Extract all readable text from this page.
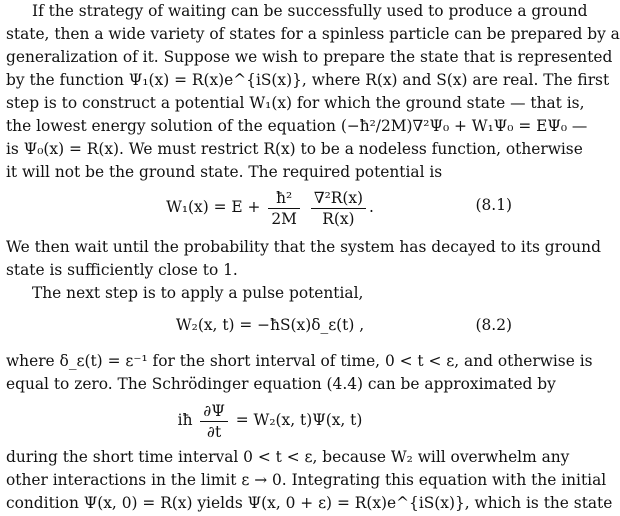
If the strategy of waiting can be successfully used to produce a ground
state, then a wide variety of states for a spinless particle can be prepared by a
generalization of it. Suppose we wish to prepare the state that is represented
by the function Ψ₁(x) = R(x)e^{iS(x)}, where R(x) and S(x) are real. The first
step is to construct a potential W₁(x) for which the ground state — that is,
the lowest energy solution of the equation (−ħ²/2M)∇²Ψ₀ + W₁Ψ₀ = EΨ₀ —
is Ψ₀(x) = R(x). We must restrict R(x) to be a nodeless function, otherwise
it will not be the ground state. The required potential is
$W_1(x) = E + \frac{\text{ħ²}}{2M}$
$\frac{\text{∇²R(x)}}{R(x)}$ .	(8.1)
We then wait until the probability that the system has decayed to its ground
state is sufficiently close to 1.
The next step is to apply a pulse potential,
W₂(x, t) = −ħS(x)δ_ε(t) ,	(8.2)
where δ_ε(t) = ε⁻¹ for the short interval of time, 0 < t < ε, and otherwise is
equal to zero. The Schrödinger equation (4.4) can be approximated by
iħ $\frac{\partial\Psi}{\partial t} = W_2(x$, t)Ψ(x, t)
during the short time interval 0 < t < ε, because W₂ will overwhelm any
other interactions in the limit ε → 0. Integrating this equation with the initial
condition Ψ(x, 0) = R(x) yields Ψ(x, 0 + ε) = R(x)e^{iS(x)}, which is the state
